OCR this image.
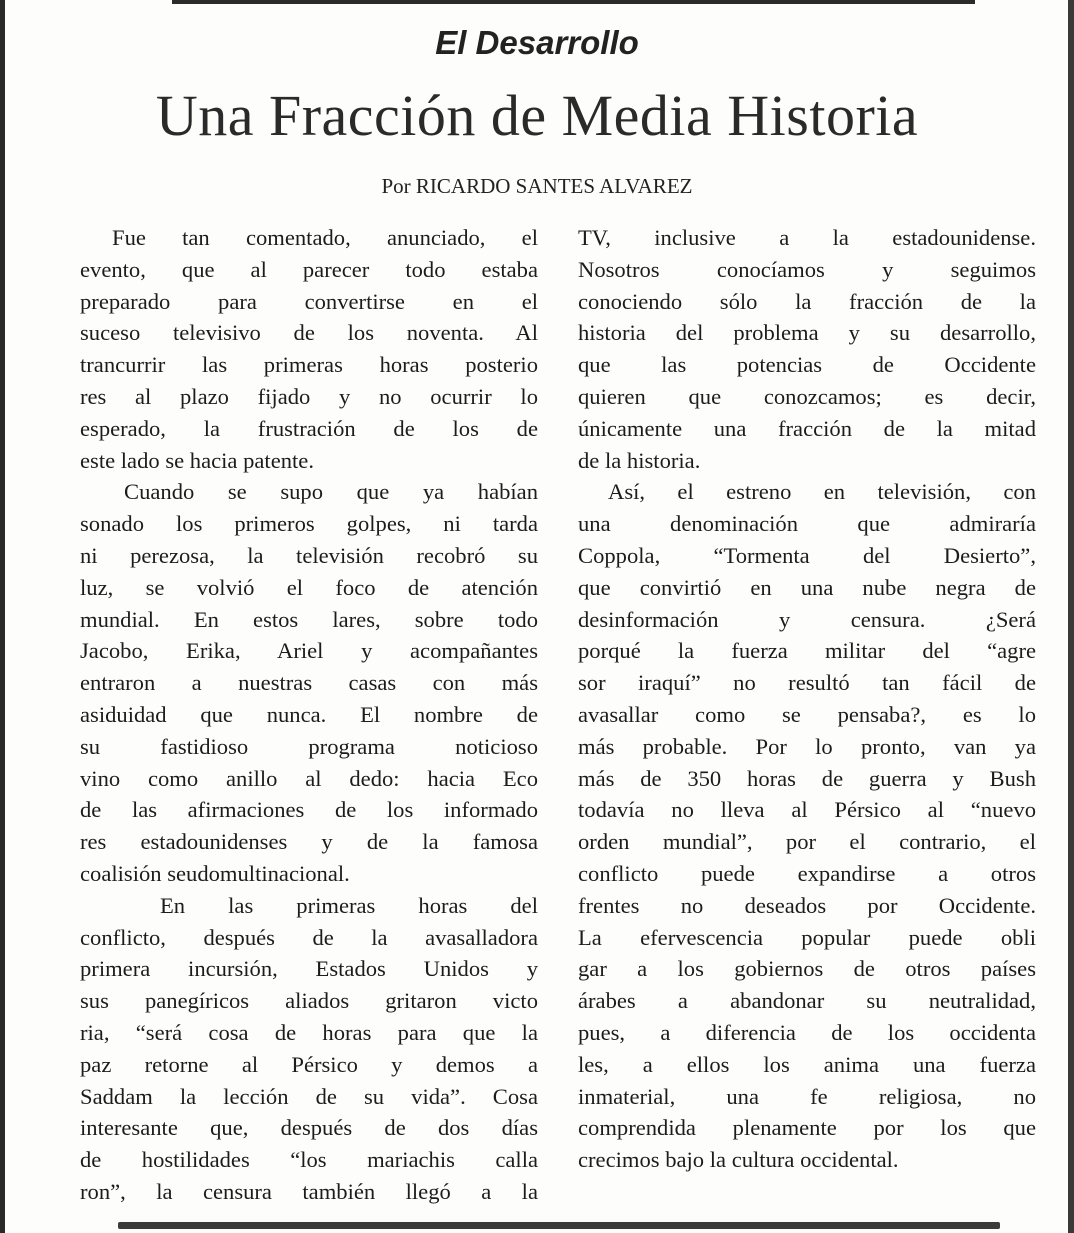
El Desarrollo
Una Fracción de Media Historia
Por RICARDO SANTES ALVAREZ
Fue tan comentado, anunciado, el
evento, que al parecer todo estaba
preparado para convertirse en el
suceso televisivo de los noventa. Al
trancurrir las primeras horas posterio
res al plazo fijado y no ocurrir lo
esperado, la frustración de los de
este lado se hacia patente.
Cuando se supo que ya habían
sonado los primeros golpes, ni tarda
ni perezosa, la televisión recobró su
luz, se volvió el foco de atención
mundial. En estos lares, sobre todo
Jacobo, Erika, Ariel y acompañantes
entraron a nuestras casas con más
asiduidad que nunca. El nombre de
su fastidioso programa noticioso
vino como anillo al dedo: hacia Eco
de las afirmaciones de los informado
res estadounidenses y de la famosa
coalisión seudomultinacional.
En las primeras horas del
conflicto, después de la avasalladora
primera incursión, Estados Unidos y
sus panegíricos aliados gritaron victo
ria, “será cosa de horas para que la
paz retorne al Pérsico y demos a
Saddam la lección de su vida”. Cosa
interesante que, después de dos días
de hostilidades “los mariachis calla
ron”, la censura también llegó a la
TV, inclusive a la estadounidense.
Nosotros conocíamos y seguimos
conociendo sólo la fracción de la
historia del problema y su desarrollo,
que las potencias de Occidente
quieren que conozcamos; es decir,
únicamente una fracción de la mitad
de la historia.
Así, el estreno en televisión, con
una denominación que admiraría
Coppola, “Tormenta del Desierto”,
que convirtió en una nube negra de
desinformación y censura. ¿Será
porqué la fuerza militar del “agre
sor iraquí” no resultó tan fácil de
avasallar como se pensaba?, es lo
más probable. Por lo pronto, van ya
más de 350 horas de guerra y Bush
todavía no lleva al Pérsico al “nuevo
orden mundial”, por el contrario, el
conflicto puede expandirse a otros
frentes no deseados por Occidente.
La efervescencia popular puede obli
gar a los gobiernos de otros países
árabes a abandonar su neutralidad,
pues, a diferencia de los occidenta
les, a ellos los anima una fuerza
inmaterial, una fe religiosa, no
comprendida plenamente por los que
crecimos bajo la cultura occidental.
